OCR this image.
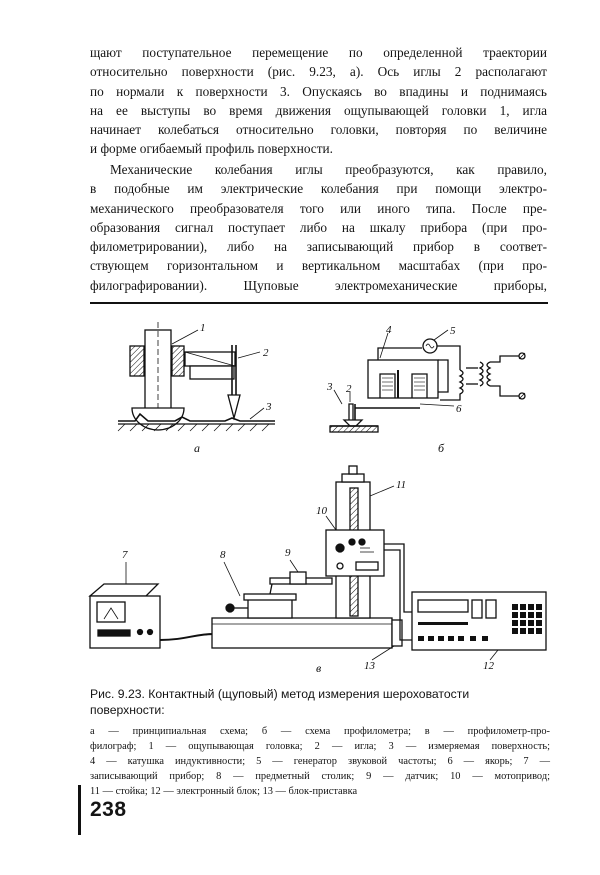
щают поступательное перемещение по определенной траектории
относительно поверхности (рис. 9.23, а). Ось иглы 2 располагают
по нормали к поверхности 3. Опускаясь во впадины и поднимаясь
на ее выступы во время движения ощупывающей головки 1, игла
начинает колебаться относительно головки, повторяя по величине
и форме огибаемый профиль поверхности.
Механические колебания иглы преобразуются, как правило,
в подобные им электрические колебания при помощи электро-
механического преобразователя того или иного типа. После пре-
образования сигнал поступает либо на шкалу прибора (при про-
филометрировании), либо на записывающий прибор в соответ-
ствующем горизонтальном и вертикальном масштабах (при про-
филографировании). Щуповые электромеханические приборы,
1
2
3
а
4	5
2
3
6
б
7	8	9
10
11
12
13
в
Рис. 9.23. Контактный (щуповый) метод измерения шероховатости
поверхности:
а — принципиальная схема; б — схема профилометра; в — профилометр-про-
филограф; 1 — ощупывающая головка; 2 — игла; 3 — измеряемая поверхность;
4 — катушка индуктивности; 5 — генератор звуковой частоты; 6 — якорь; 7 —
записывающий прибор; 8 — предметный столик; 9 — датчик; 10 — мотопривод;
11 — стойка; 12 — электронный блок; 13 — блок-приставка
238
